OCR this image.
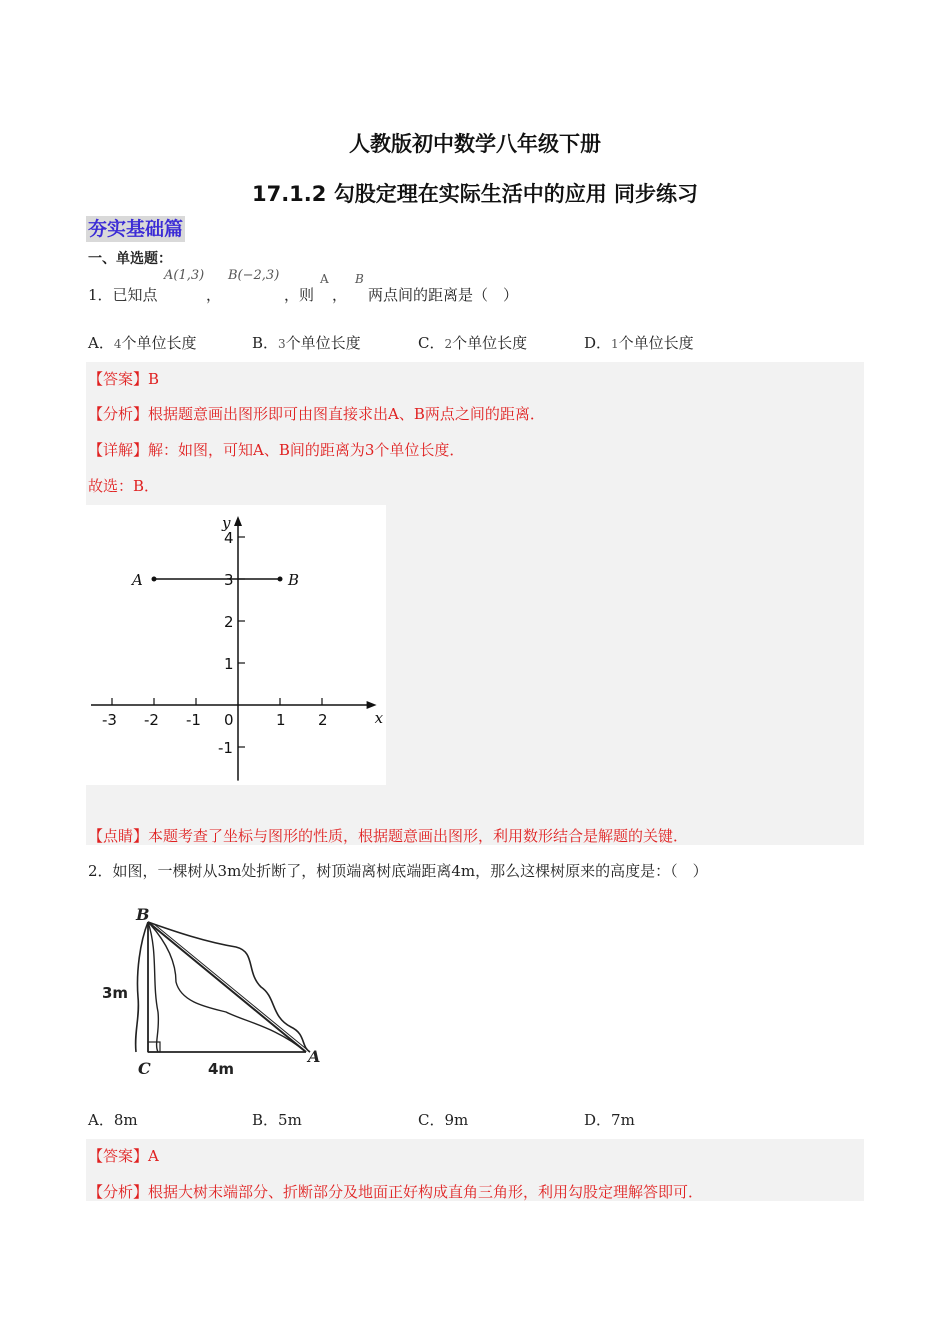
人教版初中数学八年级下册
17.1.2 勾股定理在实际生活中的应用 同步练习
夯实基础篇
一、单选题：
1．已知点
A(1,3)
，
B(−2,3)
，则
A
，
B
两点间的距离是（　）
A．4个单位长度	B．3个单位长度	C．2个单位长度	D．1个单位长度
【答案】B
【分析】根据题意画出图形即可由图直接求出A、B两点之间的距离．
【详解】解：如图，可知A、B间的距离为3个单位长度．
故选：B．
x
y
-3 -2 -1 0	1 2
4
3
2
1
-1
A	B
【点睛】本题考查了坐标与图形的性质，根据题意画出图形，利用数形结合是解题的关键．
2．如图，一棵树从3m处折断了，树顶端离树底端距离4m，那么这棵树原来的高度是：（　）
B
C
A
3m
4m
A．8m	B．5m	C．9m	D．7m
【答案】A
【分析】根据大树末端部分、折断部分及地面正好构成直角三角形，利用勾股定理解答即可．
